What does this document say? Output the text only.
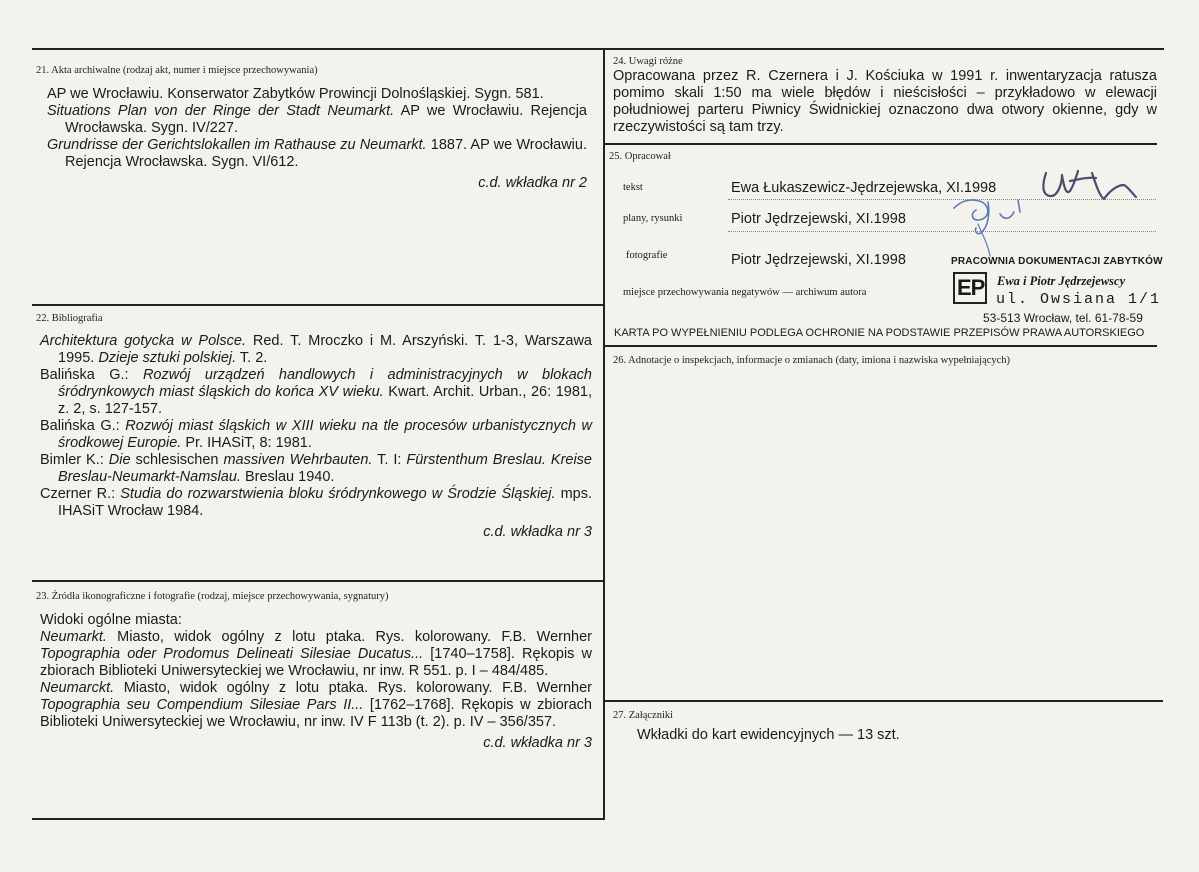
21. Akta archiwalne (rodzaj akt, numer i miejsce przechowywania)

AP we Wrocławiu. Konserwator Zabytków Prowincji Dolnośląskiej. Sygn. 581.

Situations Plan von der Ringe der Stadt Neumarkt. AP we Wrocławiu. Rejencja Wrocławska. Sygn. IV/227.

Grundrisse der Gerichtslokallen im Rathause zu Neumarkt. 1887. AP we Wrocławiu. Rejencja Wrocławska. Sygn. VI/612.

c.d. wkładka nr 2

22. Bibliografia

Architektura gotycka w Polsce. Red. T. Mroczko i M. Arszyński. T. 1-3, Warszawa 1995. Dzieje sztuki polskiej. T. 2.

Balińska G.: Rozwój urządzeń handlowych i administracyjnych w blokach śródrynkowych miast śląskich do końca XV wieku. Kwart. Archit. Urban., 26: 1981, z. 2, s. 127-157.

Balińska G.: Rozwój miast śląskich w XIII wieku na tle procesów urbanistycznych w środkowej Europie. Pr. IHASiT, 8: 1981.

Bimler K.: Die schlesischen massiven Wehrbauten. T. I: Fürstenthum Breslau. Kreise Breslau-Neumarkt-Namslau. Breslau 1940.

Czerner R.: Studia do rozwarstwienia bloku śródrynkowego w Środzie Śląskiej. mps. IHASiT Wrocław 1984.

c.d. wkładka nr 3

23. Źródła ikonograficzne i fotografie (rodzaj, miejsce przechowywania, sygnatury)

Widoki ogólne miasta:

Neumarkt. Miasto, widok ogólny z lotu ptaka. Rys. kolorowany. F.B. Wernher Topographia oder Prodomus Delineati Silesiae Ducatus... [1740–1758]. Rękopis w zbiorach Biblioteki Uniwersyteckiej we Wrocławiu, nr inw. R 551. p. I – 484/485.

Neumarckt. Miasto, widok ogólny z lotu ptaka. Rys. kolorowany. F.B. Wernher Topographia seu Compendium Silesiae Pars II... [1762–1768]. Rękopis w zbiorach Biblioteki Uniwersyteckiej we Wrocławiu, nr inw. IV F 113b (t. 2). p. IV – 356/357.

c.d. wkładka nr 3

24. Uwagi różne
Opracowana przez R. Czernera i J. Kościuka w 1991 r. inwentaryzacja ratusza pomimo skali 1:50 ma wiele błędów i nieścisłości – przykładowo w elewacji południowej parteru Piwnicy Świdnickiej oznaczono dwa otwory okienne, gdy w rzeczywistości są tam trzy.
25. Opracował
tekst	Ewa Łukaszewicz-Jędrzejewska, XI.1998
plany, rysunki	Piotr Jędrzejewski, XI.1998
fotografie	Piotr Jędrzejewski, XI.1998
miejsce przechowywania negatywów — archiwum autora
PRACOWNIA DOKUMENTACJI ZABYTKÓW
EP Ewa i Piotr Jędrzejewscy
ul. Owsiana 1/1
53-513 Wrocław, tel. 61-78-59
KARTA PO WYPEŁNIENIU PODLEGA OCHRONIE NA PODSTAWIE PRZEPISÓW PRAWA AUTORSKIEGO
26. Adnotacje o inspekcjach, informacje o zmianach (daty, imiona i nazwiska wypełniających)
27. Załączniki
Wkładki do kart ewidencyjnych — 13 szt.
